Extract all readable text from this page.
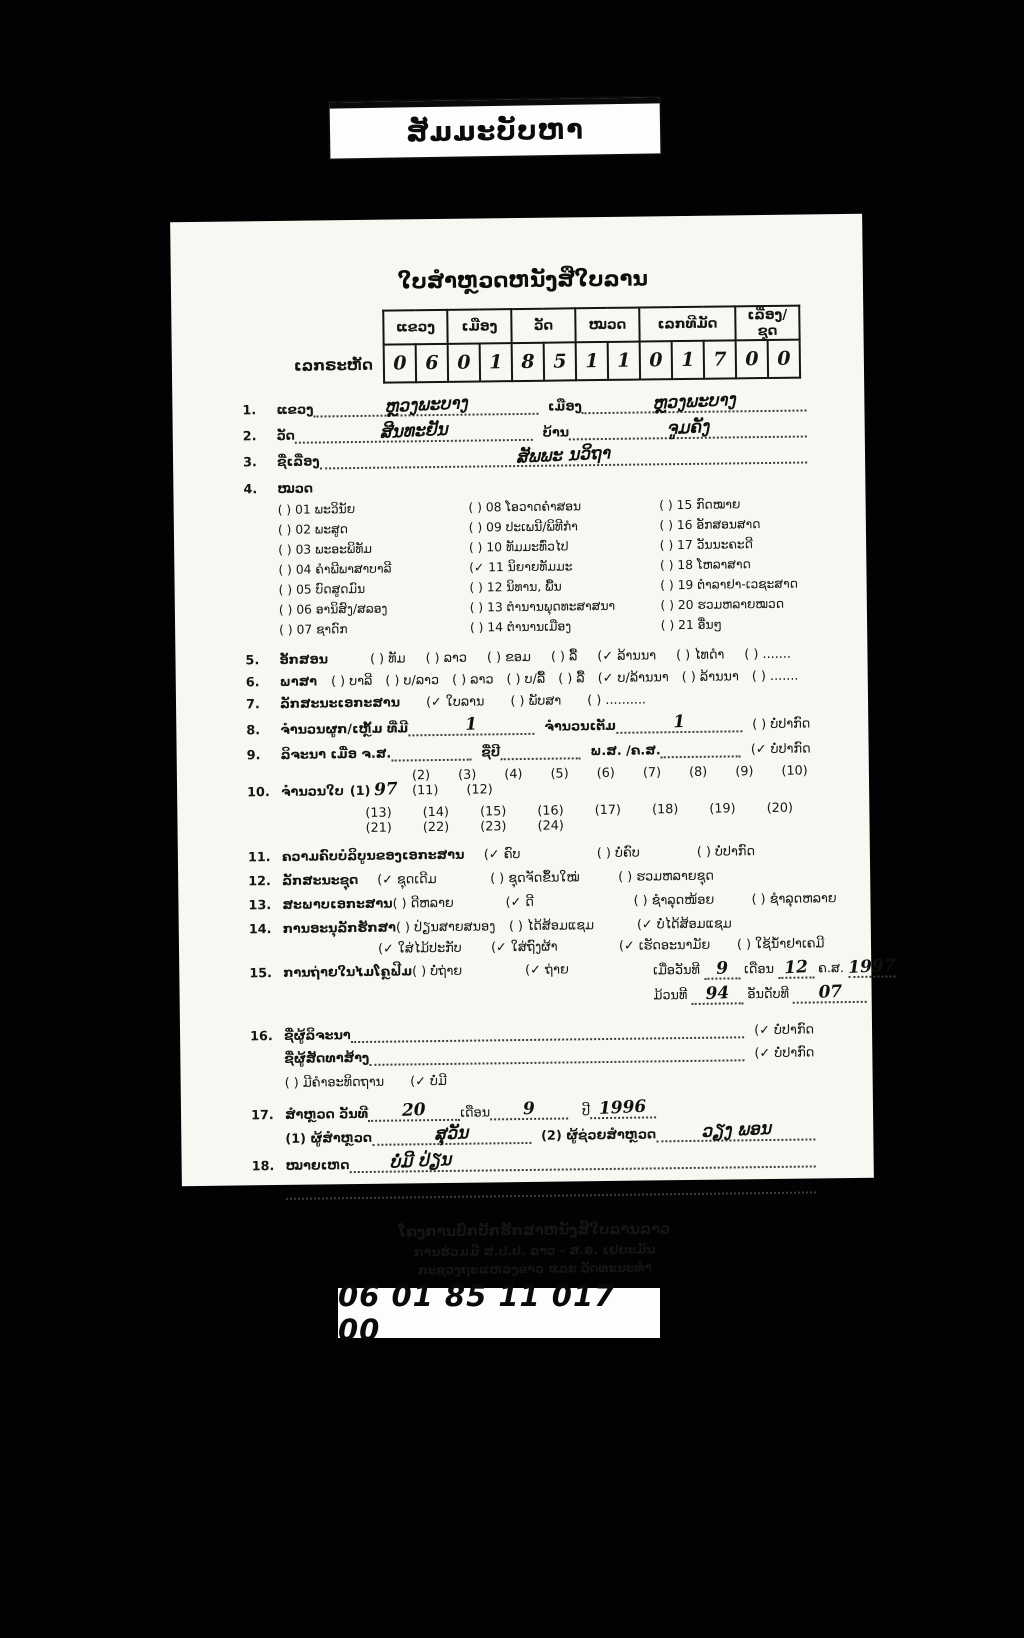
ສັມມະບັບຫາ
ໃບສໍາຫຼວດຫນັງສືໃບລານ
ເລກຣະຫັດ
ແຂວງ		ເມືອງ		ວັດ		ໝວດ		ເລກທີມັດ			ເລື່ອງ/ຊຸດ	
0	6	0	1	8	5	1	1	0	1	7	0	0
1.	ແຂວງ	ຫຼວງພະບາງ	ເມືອງ	ຫຼວງພະບາງ
2.	ວັດ	ສີນທະຢັນ	ບ້ານ	ຈູມຄັງ
3.	ຊື່ເລື່ອງ	ສັພພະ ນວິຖາ
4.	ໝວດ
( ) 01 ພະວິນັຍ
( ) 02 ພະສູດ
( ) 03 ພະອະພິທັມ
( ) 04 ຄຳພີພາສາບາລີ
( ) 05 ບົດສູດມົນ
( ) 06 ອານິສົງ/ສລອງ
( ) 07 ຊາດົກ
( ) 08 ໂອວາດຄຳສອນ
( ) 09 ປະເພນີ/ພິທີກຳ
( ) 10 ທັມມະທົ່ວໄປ
(✓ 11 ນິຍາຍທັມມະ
( ) 12 ນິທານ, ພື້ນ
( ) 13 ຕຳນານພຸດທະສາສນາ
( ) 14 ຕຳນານເມືອງ
( ) 15 ກົດໝາຍ
( ) 16 ອັກສອນສາດ
( ) 17 ວັນນະຄະດີ
( ) 18 ໂຫລາສາດ
( ) 19 ຕຳລາຢາ-ເວຊະສາດ
( ) 20 ຮວມຫລາຍໝວດ
( ) 21 ອື່ນໆ
5.	ອັກສອນ	( ) ທັມ ( ) ລາວ ( ) ຂອມ ( ) ລື້ (✓ ລ້ານນາ ( ) ໄທດຳ ( ) .......
6.	ພາສາ ( ) ບາລີ ( ) ບ/ລາວ ( ) ລາວ ( ) ບ/ລື້ ( ) ລື້ (✓ ບ/ລ້ານນາ ( ) ລ້ານນາ ( ) .......
7.	ລັກສະນະເອກະສານ (✓ ໃບລານ ( ) ພັບສາ ( ) ..........
8.	ຈຳນວນຜູກ/ເຫຼັ້ມ ທີ່ມີ	1	ຈຳນວນເຕັມ	1	( ) ບໍ່ປາກົດ
9.	ລິຈະນາ ເມື່ອ ຈ.ສ.	ຊື່ປີ	ພ.ສ. /ຄ.ສ.	(✓ ບໍ່ປາກົດ
10. ຈຳນວນໃບ (1) 97
(2) (3) (4) (5) (6) (7) (8) (9) (10) (11) (12)
(13) (14) (15) (16) (17) (18) (19) (20) (21) (22) (23) (24)
11. ຄວາມຄົບບໍລິບູນຂອງເອກະສານ	(✓ ຄົບ	( ) ບໍ່ຄົບ	( ) ບໍ່ປາກົດ
12. ລັກສະນະຊຸດ	(✓ ຊຸດເດີມ	( ) ຊຸດຈັດຂຶ້ນໃໝ່	( ) ຮວມຫລາຍຊຸດ
13. ສະພາບເອກະສານ ( ) ດີຫລາຍ	(✓ ດີ	( ) ຊຳລຸດໜ້ອຍ	( ) ຊຳລຸດຫລາຍ
14. ການອະນຸລັກຮັກສາ ( ) ປ່ຽນສາຍສນອງ	( ) ໄດ້ສ້ອມແຊມ	(✓ ບໍ່ໄດ້ສ້ອມແຊມ
(✓ ໃສ່ໄມ້ປະກັບ	(✓ ໃສ່ຖົງຜ້າ	(✓ ເຮັດອະນາມັຍ	( ) ໃຊ້ນ້ຳຢາເຄມີ
15. ການຖ່າຍໃນໄມໂຄຼຟີມ ( ) ບໍ່ຖ່າຍ	(✓ ຖ່າຍ	ເມື່ອວັນທີ 9 ເດືອນ 12 ຄ.ສ. 1997
ມ້ວນທີ 94 ອັນດັບທີ 07
16. ຊື່ຜູ້ລິຈະນາ	(✓ ບໍ່ປາກົດ
ຊື່ຜູ້ສັດທາສ້າງ	(✓ ບໍ່ປາກົດ
( ) ມີຄຳອະທິດຖານ (✓ ບໍ່ມີ
17. ສຳຫຼວດ ວັນທີ	20	ເດືອນ	9	ປີ 1996
(1) ຜູ້ສຳຫຼວດ	ສຸວັນ	(2) ຜູ້ຊ່ວຍສຳຫຼວດ	ວຽງ ພອນ
18. ໝາຍເຫດ	ບໍ່ມີ ປ່ຽນ
ໂຄງການປົກປັກຮັກສາຫນັງສືໃບລານລາວ
ການຮ່ວມມື ສ.ປ.ປ. ລາວ - ສ.ຣ. ເຢຍະມັນ
ກະຊວງຖະແຫລງຂ່າວ ແລະ ວັດທະນະທຳ
06 01 85 11 017 00
